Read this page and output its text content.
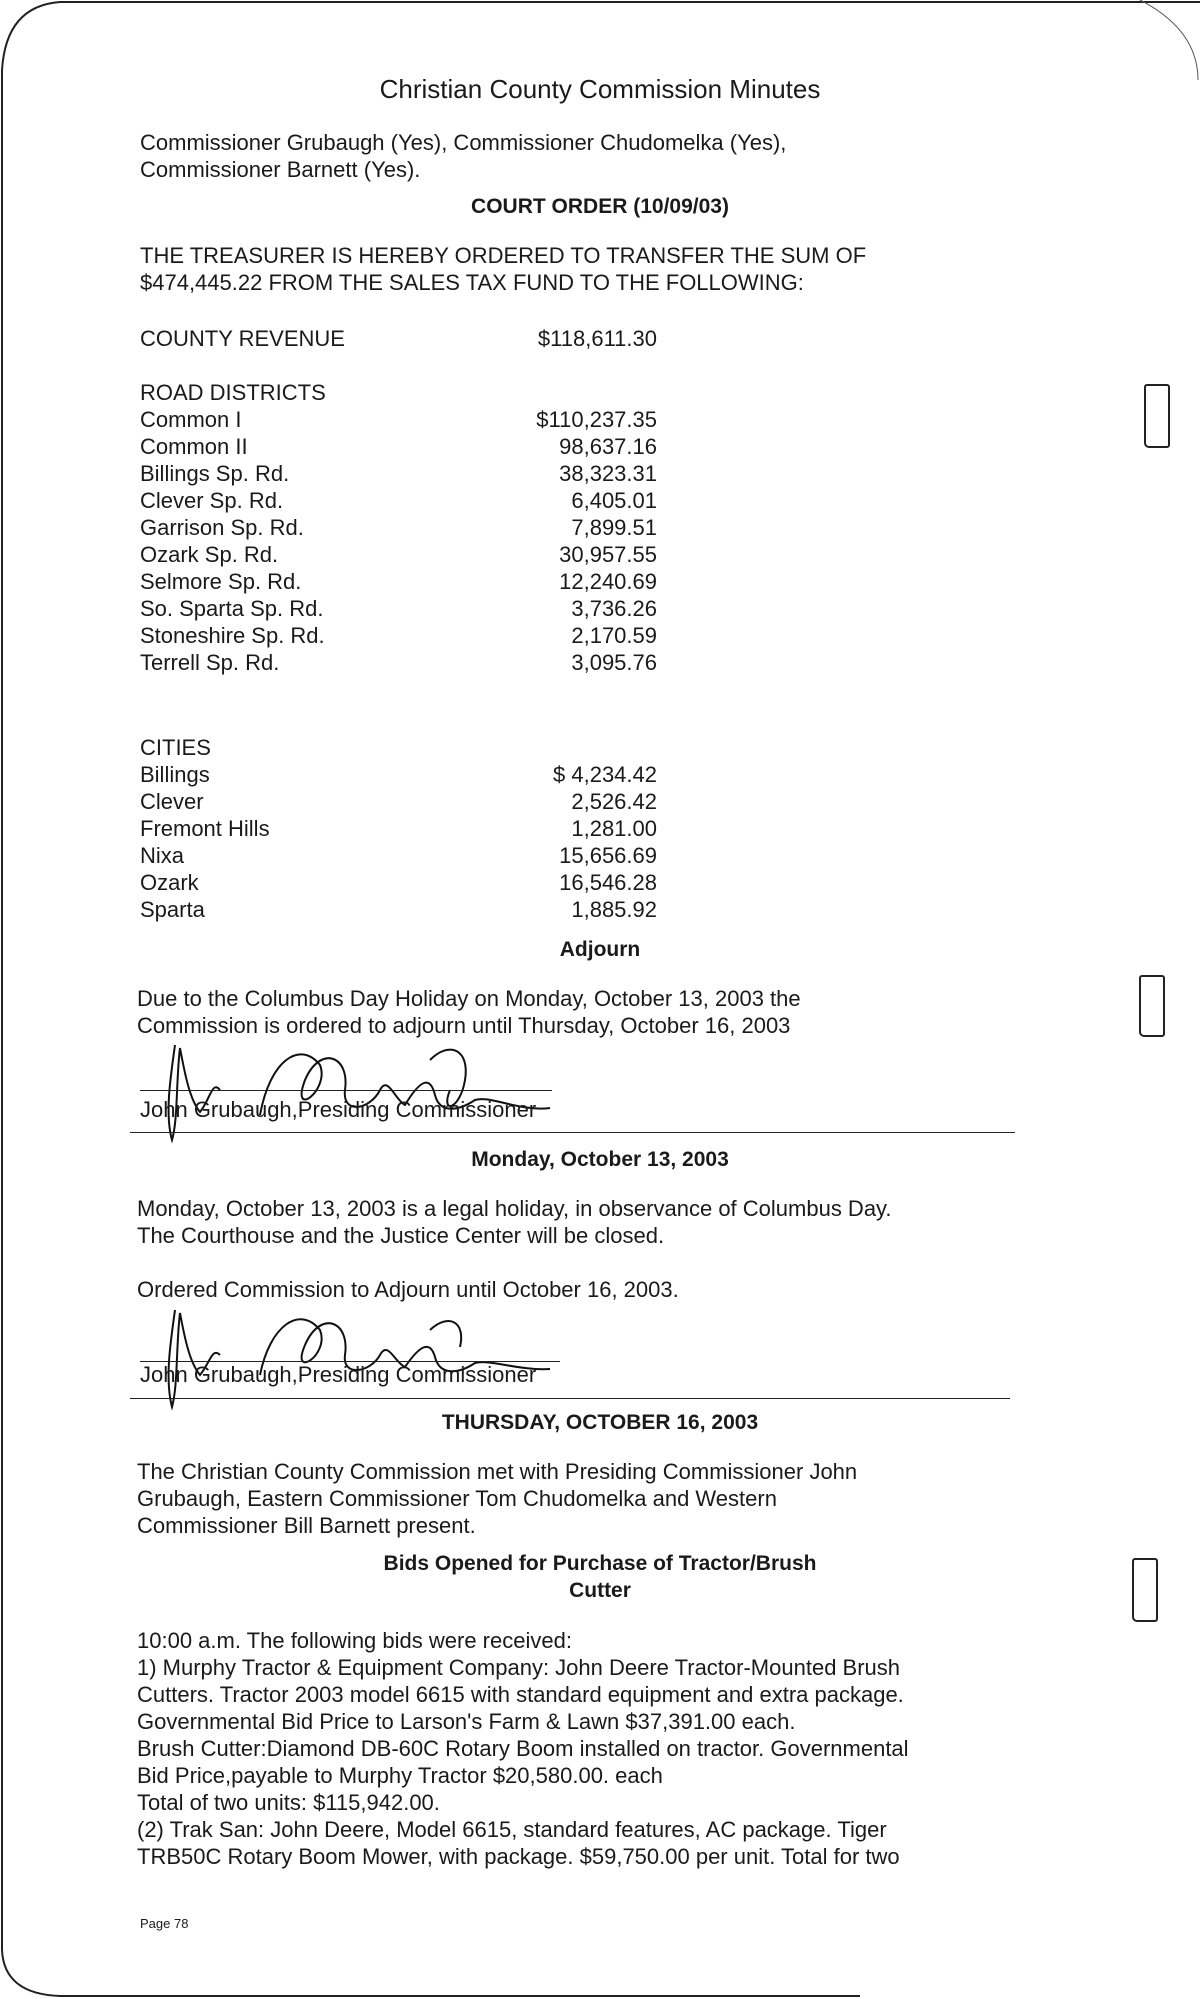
Christian County Commission Minutes
Commissioner Grubaugh (Yes), Commissioner Chudomelka (Yes),
Commissioner Barnett (Yes).
COURT ORDER (10/09/03)
THE TREASURER IS HEREBY ORDERED TO TRANSFER THE SUM OF
$474,445.22 FROM THE SALES TAX FUND TO THE FOLLOWING:
COUNTY REVENUE	$118,611.30
ROAD DISTRICTS
Common I	$110,237.35
Common II	98,637.16
Billings Sp. Rd.	38,323.31
Clever Sp. Rd.	6,405.01
Garrison Sp. Rd.	7,899.51
Ozark Sp. Rd.	30,957.55
Selmore Sp. Rd.	12,240.69
So. Sparta Sp. Rd.	3,736.26
Stoneshire Sp. Rd.	2,170.59
Terrell Sp. Rd.	3,095.76
CITIES
Billings	$ 4,234.42
Clever	2,526.42
Fremont Hills	1,281.00
Nixa	15,656.69
Ozark	16,546.28
Sparta	1,885.92
Adjourn
Due to the Columbus Day Holiday on Monday, October 13, 2003 the
Commission is ordered to adjourn until Thursday, October 16, 2003
John Grubaugh,Presiding Commissioner
Monday, October 13, 2003
Monday, October 13, 2003 is a legal holiday, in observance of Columbus Day.
The Courthouse and the Justice Center will be closed.
Ordered Commission to Adjourn until October 16, 2003.
John Grubaugh,Presiding Commissioner
THURSDAY, OCTOBER 16, 2003
The Christian County Commission met with Presiding Commissioner John
Grubaugh, Eastern Commissioner Tom Chudomelka and Western
Commissioner Bill Barnett present.
Bids Opened for Purchase of Tractor/Brush
Cutter
10:00 a.m. The following bids were received:
1) Murphy Tractor & Equipment Company: John Deere Tractor-Mounted Brush
Cutters. Tractor 2003 model 6615 with standard equipment and extra package.
Governmental Bid Price to Larson's Farm & Lawn $37,391.00 each.
Brush Cutter:Diamond DB-60C Rotary Boom installed on tractor. Governmental
Bid Price,payable to Murphy Tractor $20,580.00. each
Total of two units: $115,942.00.
(2) Trak San: John Deere, Model 6615, standard features, AC package. Tiger
TRB50C Rotary Boom Mower, with package. $59,750.00 per unit. Total for two
Page 78
